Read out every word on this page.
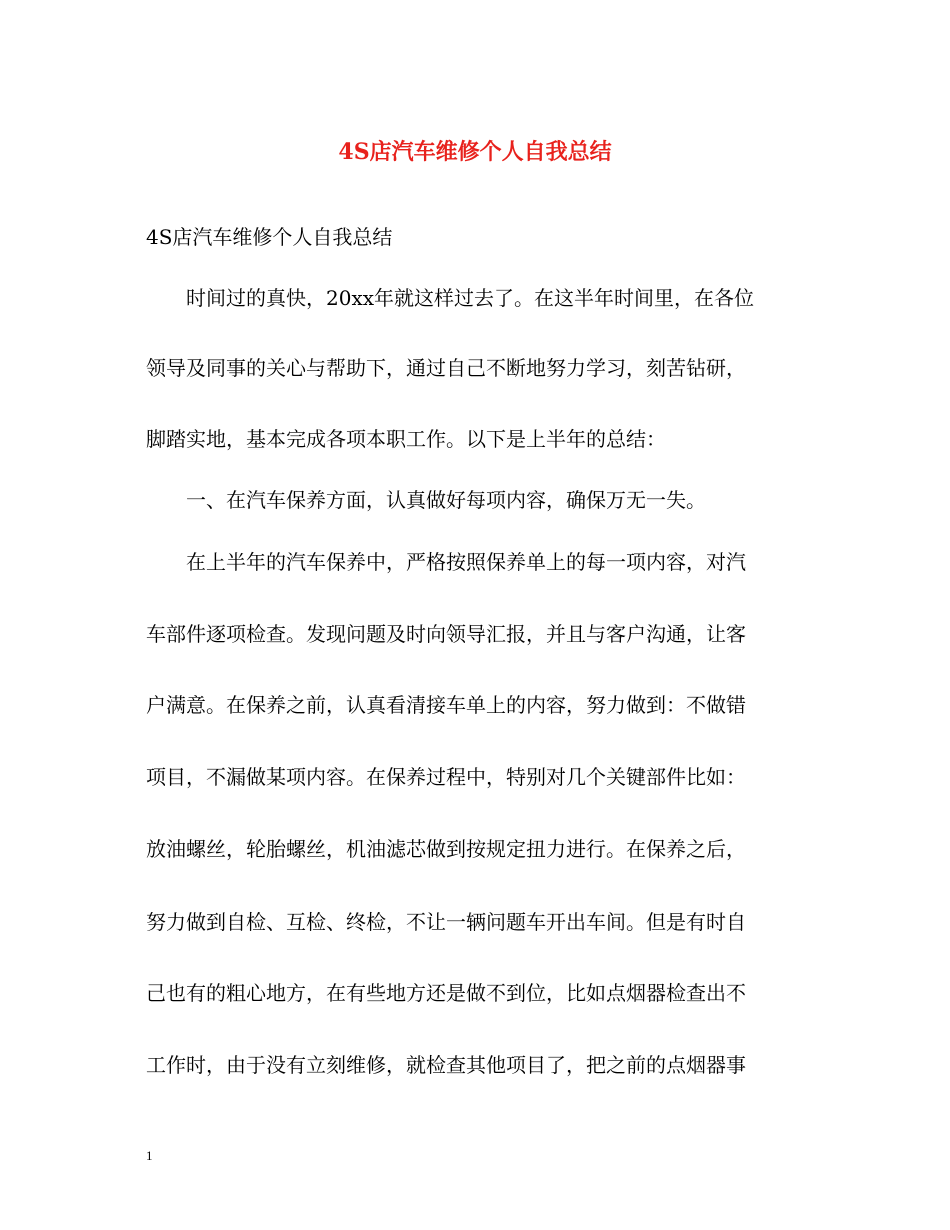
4S店汽车维修个人自我总结
4S店汽车维修个人自我总结
　　时间过的真快，20xx年就这样过去了。在这半年时间里，在各位
领导及同事的关心与帮助下，通过自己不断地努力学习，刻苦钻研，
脚踏实地，基本完成各项本职工作。以下是上半年的总结：
　　一、在汽车保养方面，认真做好每项内容，确保万无一失。
　　在上半年的汽车保养中，严格按照保养单上的每一项内容，对汽
车部件逐项检查。发现问题及时向领导汇报，并且与客户沟通，让客
户满意。在保养之前，认真看清接车单上的内容，努力做到：不做错
项目，不漏做某项内容。在保养过程中，特别对几个关键部件比如：
放油螺丝，轮胎螺丝，机油滤芯做到按规定扭力进行。在保养之后，
努力做到自检、互检、终检，不让一辆问题车开出车间。但是有时自
己也有的粗心地方，在有些地方还是做不到位，比如点烟器检查出不
工作时，由于没有立刻维修，就检查其他项目了，把之前的点烟器事
1
